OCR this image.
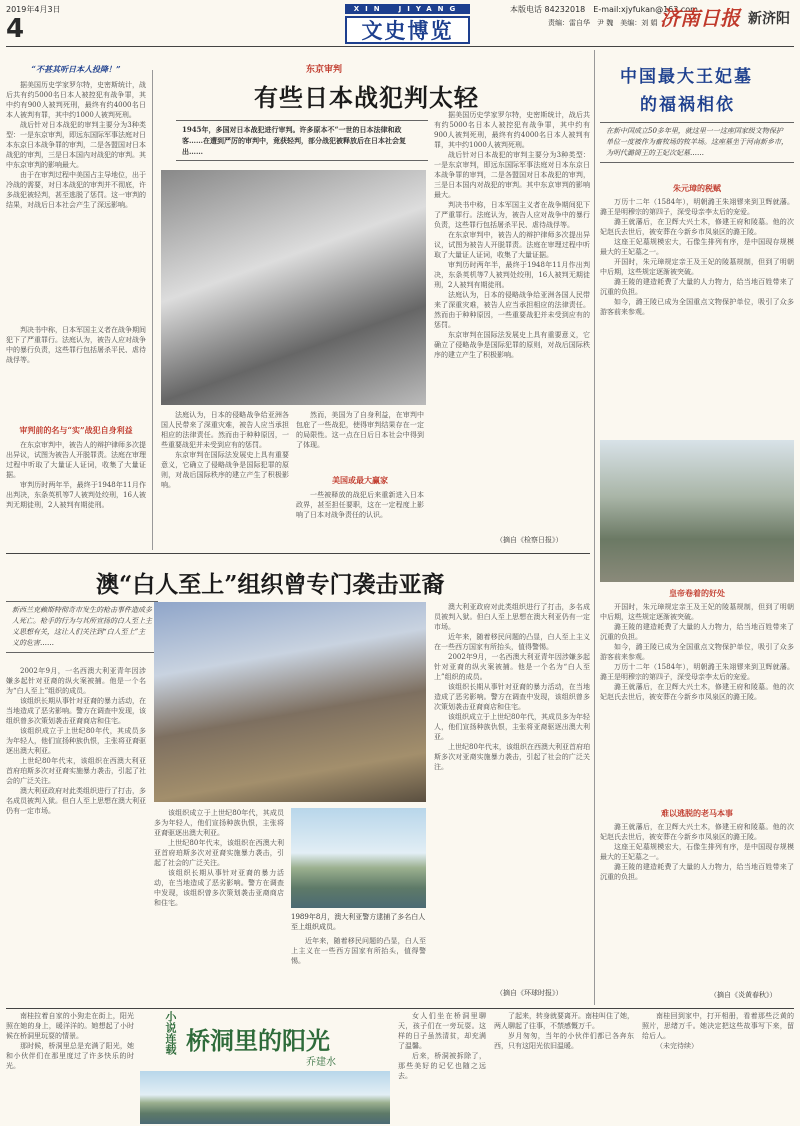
2019年4月3日
4
XIN　JIYANG
文史博览
本版电话 84232018　E-mail:xjyfukan@163.com
责编：雷自华　尹 魏　美编：刘 娟 济南日报 新济阳
“不甚其听日本人投降！”

据美国历史学家罗尔特，史密斯统计，战后共有约5000名日本人被控犯有战争罪，其中约有900人被判死刑，最终有约4000名日本人被判有罪，其中约1000人被判死刑。

战后针对日本战犯的审判主要分为3种类型：一是东京审判，即远东国际军事法庭对日本东京日本战争罪的审判，二是各盟国对日本战犯的审判，三是日本国内对战犯的审判。其中东京审判的影响最大。

由于在审判过程中美国占主导地位，出于冷战的需要，对日本战犯的审判并不彻底，许多战犯被轻判，甚至逃脱了惩罚。这一审判的结果，对战后日本社会产生了深远影响。

审判前的名与“实”战犯自身利益

判决书中称，日本军国主义者在战争期间犯下了严重罪行。法庭认为，被告人应对战争中的暴行负责，这些罪行包括屠杀平民、虐待战俘等。

在东京审判中，被告人的辩护律师多次提出异议，试图为被告人开脱罪责。法庭在审理过程中听取了大量证人证词，收集了大量证据。

审判历时两年半，最终于1948年11月作出判决，东条英机等7人被判处绞刑，16人被判无期徒刑，2人被判有期徒刑。

东京审判
有些日本战犯判太轻
1945年，多国对日本战犯进行审判。许多原本不“一世的日本法律和政客……在遭到严厉的审判中，竟获轻判，部分战犯被释放后在日本社会复出……

法庭认为，日本的侵略战争给亚洲各国人民带来了深重灾难，被告人应当承担相应的法律责任。然而由于种种原因，一些重要战犯并未受到应有的惩罚。

东京审判在国际法发展史上具有重要意义，它确立了侵略战争是国际犯罪的原则，对战后国际秩序的建立产生了积极影响。	美国或最大赢家

然而，美国为了自身利益，在审判中包庇了一些战犯，使得审判结果存在一定的局限性。这一点在日后日本社会中得到了体现。

一些被释放的战犯后来重新进入日本政界，甚至担任要职，这在一定程度上影响了日本对战争责任的认识。

据美国历史学家罗尔特，史密斯统计，战后共有约5000名日本人被控犯有战争罪，其中约有900人被判死刑，最终有约4000名日本人被判有罪，其中约1000人被判死刑。

战后针对日本战犯的审判主要分为3种类型：一是东京审判，即远东国际军事法庭对日本东京日本战争罪的审判，二是各盟国对日本战犯的审判，三是日本国内对战犯的审判。其中东京审判的影响最大。

判决书中称，日本军国主义者在战争期间犯下了严重罪行。法庭认为，被告人应对战争中的暴行负责，这些罪行包括屠杀平民、虐待战俘等。

在东京审判中，被告人的辩护律师多次提出异议，试图为被告人开脱罪责。法庭在审理过程中听取了大量证人证词，收集了大量证据。

审判历时两年半，最终于1948年11月作出判决，东条英机等7人被判处绞刑，16人被判无期徒刑，2人被判有期徒刑。

法庭认为，日本的侵略战争给亚洲各国人民带来了深重灾难，被告人应当承担相应的法律责任。然而由于种种原因，一些重要战犯并未受到应有的惩罚。

东京审判在国际法发展史上具有重要意义，它确立了侵略战争是国际犯罪的原则，对战后国际秩序的建立产生了积极影响。

（摘自《检察日报》）
中国最大王妃墓
的福祸相依
在新中国成立50多年里，就这里一一这座国家级文物保护单位一度被作为畜牧场的牧羊场。这座墓坐于河南新乡市，为明代潞简王的王妃次妃墓……
朱元璋的税赋

万历十二年（1584年），明朝潞王朱翊镠来到卫辉就藩。潞王是明穆宗的第四子，深受母亲李太后的宠爱。

潞王就藩后，在卫辉大兴土木，修建王府和陵墓。他的次妃赵氏去世后，被安葬在今新乡市凤泉区的潞王陵。

这座王妃墓规模宏大，石像生排列有序，是中国现存规模最大的王妃墓之一。

开国时，朱元璋规定亲王及王妃的陵墓规制，但到了明朝中后期，这些规定逐渐被突破。

潞王陵的建造耗费了大量的人力物力，给当地百姓带来了沉重的负担。

如今，潞王陵已成为全国重点文物保护单位，吸引了众多游客前来参观。

皇帝卷着的好处

开国时，朱元璋规定亲王及王妃的陵墓规制，但到了明朝中后期，这些规定逐渐被突破。

潞王陵的建造耗费了大量的人力物力，给当地百姓带来了沉重的负担。

如今，潞王陵已成为全国重点文物保护单位，吸引了众多游客前来参观。

万历十二年（1584年），明朝潞王朱翊镠来到卫辉就藩。潞王是明穆宗的第四子，深受母亲李太后的宠爱。

潞王就藩后，在卫辉大兴土木，修建王府和陵墓。他的次妃赵氏去世后，被安葬在今新乡市凤泉区的潞王陵。

难以逃脱的老马本事

潞王就藩后，在卫辉大兴土木，修建王府和陵墓。他的次妃赵氏去世后，被安葬在今新乡市凤泉区的潞王陵。

这座王妃墓规模宏大，石像生排列有序，是中国现存规模最大的王妃墓之一。

潞王陵的建造耗费了大量的人力物力，给当地百姓带来了沉重的负担。

（摘自《炎黄春秋》）
澳“白人至上”组织曾专门袭击亚裔
新西兰克赖斯特彻奇市发生的枪击事件造成多人死亡。枪手的行为与其所宣扬的白人至上主义思想有关，这让人们关注到“白人至上”主义的危害……

2002年9月，一名西澳大利亚青年因涉嫌多起针对亚裔的纵火案被捕。他是一个名为“白人至上”组织的成员。

该组织长期从事针对亚裔的暴力活动，在当地造成了恶劣影响。警方在调查中发现，该组织曾多次策划袭击亚裔商店和住宅。

该组织成立于上世纪80年代，其成员多为年轻人，他们宣扬种族仇恨，主张将亚裔驱逐出澳大利亚。

上世纪80年代末，该组织在西澳大利亚首府珀斯多次对亚裔实施暴力袭击，引起了社会的广泛关注。

澳大利亚政府对此类组织进行了打击，多名成员被判入狱。但白人至上思想在澳大利亚仍有一定市场。	该组织成立于上世纪80年代，其成员多为年轻人，他们宣扬种族仇恨，主张将亚裔驱逐出澳大利亚。

上世纪80年代末，该组织在西澳大利亚首府珀斯多次对亚裔实施暴力袭击，引起了社会的广泛关注。

该组织长期从事针对亚裔的暴力活动，在当地造成了恶劣影响。警方在调查中发现，该组织曾多次策划袭击亚裔商店和住宅。

1989年8月，澳大利亚警方逮捕了多名白人至上组织成员。

近年来，随着移民问题的凸显，白人至上主义在一些西方国家有所抬头，值得警惕。

澳大利亚政府对此类组织进行了打击，多名成员被判入狱。但白人至上思想在澳大利亚仍有一定市场。

近年来，随着移民问题的凸显，白人至上主义在一些西方国家有所抬头，值得警惕。

2002年9月，一名西澳大利亚青年因涉嫌多起针对亚裔的纵火案被捕。他是一个名为“白人至上”组织的成员。

该组织长期从事针对亚裔的暴力活动，在当地造成了恶劣影响。警方在调查中发现，该组织曾多次策划袭击亚裔商店和住宅。

该组织成立于上世纪80年代，其成员多为年轻人，他们宣扬种族仇恨，主张将亚裔驱逐出澳大利亚。

上世纪80年代末，该组织在西澳大利亚首府珀斯多次对亚裔实施暴力袭击，引起了社会的广泛关注。

（摘自《环球时报》）

南桂拉着自家的小狗走在街上，阳光照在她的身上，暖洋洋的。她想起了小时候在桥洞里玩耍的情景。

那时候，桥洞里总是充满了阳光，她和小伙伴们在那里度过了许多快乐的时光。

小说连载 桥洞里的阳光
乔建水

女人们坐在桥洞里聊天，孩子们在一旁玩耍。这样的日子虽然清贫，却充满了温馨。

后来，桥洞被拆除了，那些美好的记忆也随之远去。

了起来，转身就要离开。南桂叫住了她，两人聊起了往事，不禁感慨万千。

岁月匆匆，当年的小伙伴们都已各奔东西，只有这阳光依旧温暖。

南桂回到家中，打开相册，看着那些泛黄的照片，思绪万千。她决定把这些故事写下来，留给后人。

（未完待续）
